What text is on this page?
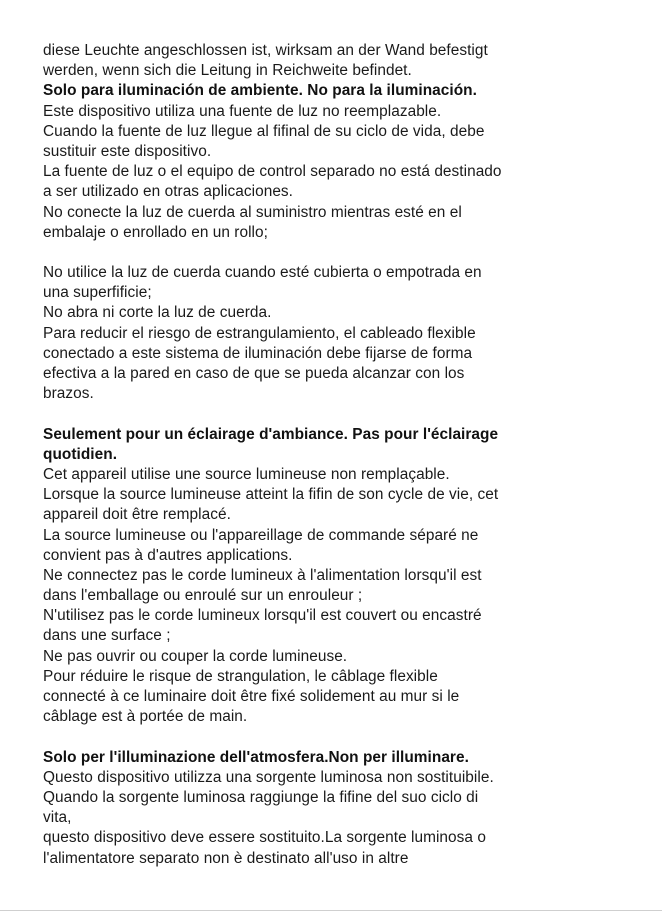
diese Leuchte angeschlossen ist, wirksam an der Wand befestigt
werden, wenn sich die Leitung in Reichweite befindet.
Solo para iluminación de ambiente. No para la iluminación.
Este dispositivo utiliza una fuente de luz no reemplazable.
Cuando la fuente de luz llegue al fifinal de su ciclo de vida, debe
sustituir este dispositivo.
La fuente de luz o el equipo de control separado no está destinado
a ser utilizado en otras aplicaciones.
No conecte la luz de cuerda al suministro mientras esté en el
embalaje o enrollado en un rollo;
No utilice la luz de cuerda cuando esté cubierta o empotrada en
una superfificie;
No abra ni corte la luz de cuerda.
Para reducir el riesgo de estrangulamiento, el cableado flexible
conectado a este sistema de iluminación debe fijarse de forma
efectiva a la pared en caso de que se pueda alcanzar con los
brazos.
Seulement pour un éclairage d'ambiance. Pas pour l'éclairage
quotidien.
Cet appareil utilise une source lumineuse non remplaçable.
Lorsque la source lumineuse atteint la fifin de son cycle de vie, cet
appareil doit être remplacé.
La source lumineuse ou l'appareillage de commande séparé ne
convient pas à d'autres applications.
Ne connectez pas le corde lumineux à l'alimentation lorsqu'il est
dans l'emballage ou enroulé sur un enrouleur ;
N'utilisez pas le corde lumineux lorsqu'il est couvert ou encastré
dans une surface ;
Ne pas ouvrir ou couper la corde lumineuse.
Pour réduire le risque de strangulation, le câblage flexible
connecté à ce luminaire doit être fixé solidement au mur si le
câblage est à portée de main.
Solo per l'illuminazione dell'atmosfera.Non per illuminare.
Questo dispositivo utilizza una sorgente luminosa non sostituibile.
Quando la sorgente luminosa raggiunge la fifine del suo ciclo di
vita,
questo dispositivo deve essere sostituito.La sorgente luminosa o
l'alimentatore separato non è destinato all'uso in altre
